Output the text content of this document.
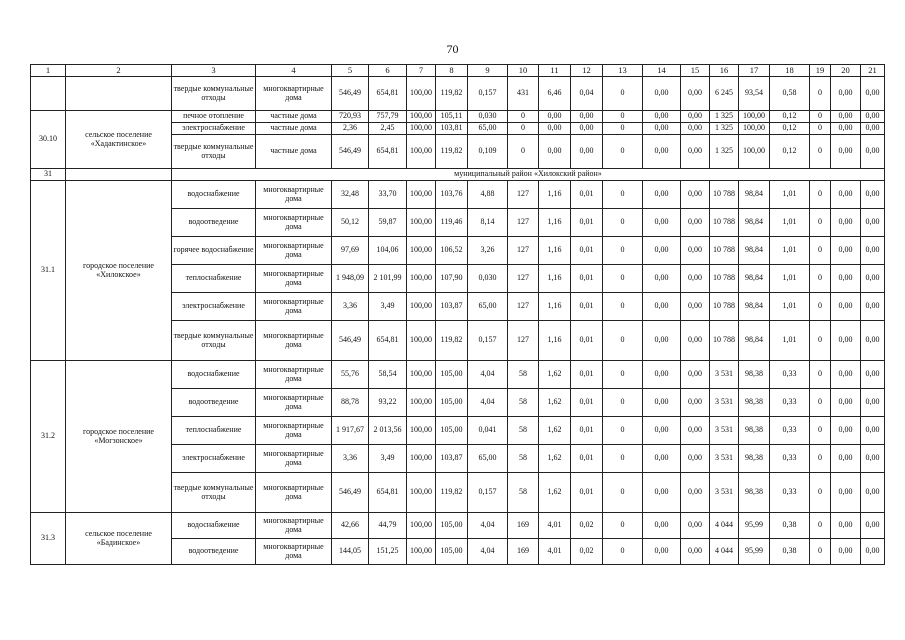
70
1	2	3	4	5	6	7	8	9	10	11	12	13	14	15	16	17	18	19	20	21
		твердые коммунальные отходы	многоквартирные дома	546,49	654,81	100,00	119,82	0,157	431	6,46	0,04	0	0,00	0,00	6 245	93,54	0,58	0	0,00	0,00
30.10	сельское поселение «Хадактинское»	печное отопление	частные дома	720,93	757,79	100,00	105,11	0,030	0	0,00	0,00	0	0,00	0,00	1 325	100,00	0,12	0	0,00	0,00
		электроснабжение	частные дома	2,36	2,45	100,00	103,81	65,00	0	0,00	0,00	0	0,00	0,00	1 325	100,00	0,12	0	0,00	0,00
		твердые коммунальные отходы	частные дома	546,49	654,81	100,00	119,82	0,109	0	0,00	0,00	0	0,00	0,00	1 325	100,00	0,12	0	0,00	0,00
31		муниципальный район «Хилокский район»																		
31.1	городское поселение «Хилокское»	водоснабжение	многоквартирные дома	32,48	33,70	100,00	103,76	4,88	127	1,16	0,01	0	0,00	0,00	10 788	98,84	1,01	0	0,00	0,00
		водоотведение	многоквартирные дома	50,12	59,87	100,00	119,46	8,14	127	1,16	0,01	0	0,00	0,00	10 788	98,84	1,01	0	0,00	0,00
		горячее водоснабжение	многоквартирные дома	97,69	104,06	100,00	106,52	3,26	127	1,16	0,01	0	0,00	0,00	10 788	98,84	1,01	0	0,00	0,00
		теплоснабжение	многоквартирные дома	1 948,09	2 101,99	100,00	107,90	0,030	127	1,16	0,01	0	0,00	0,00	10 788	98,84	1,01	0	0,00	0,00
		электроснабжение	многоквартирные дома	3,36	3,49	100,00	103,87	65,00	127	1,16	0,01	0	0,00	0,00	10 788	98,84	1,01	0	0,00	0,00
		твердые коммунальные отходы	многоквартирные дома	546,49	654,81	100,00	119,82	0,157	127	1,16	0,01	0	0,00	0,00	10 788	98,84	1,01	0	0,00	0,00
31.2	городское поселение «Могзонское»	водоснабжение	многоквартирные дома	55,76	58,54	100,00	105,00	4,04	58	1,62	0,01	0	0,00	0,00	3 531	98,38	0,33	0	0,00	0,00
		водоотведение	многоквартирные дома	88,78	93,22	100,00	105,00	4,04	58	1,62	0,01	0	0,00	0,00	3 531	98,38	0,33	0	0,00	0,00
		теплоснабжение	многоквартирные дома	1 917,67	2 013,56	100,00	105,00	0,041	58	1,62	0,01	0	0,00	0,00	3 531	98,38	0,33	0	0,00	0,00
		электроснабжение	многоквартирные дома	3,36	3,49	100,00	103,87	65,00	58	1,62	0,01	0	0,00	0,00	3 531	98,38	0,33	0	0,00	0,00
		твердые коммунальные отходы	многоквартирные дома	546,49	654,81	100,00	119,82	0,157	58	1,62	0,01	0	0,00	0,00	3 531	98,38	0,33	0	0,00	0,00
31.3	сельское поселение «Бадинское»	водоснабжение	многоквартирные дома	42,66	44,79	100,00	105,00	4,04	169	4,01	0,02	0	0,00	0,00	4 044	95,99	0,38	0	0,00	0,00
		водоотведение	многоквартирные дома	144,05	151,25	100,00	105,00	4,04	169	4,01	0,02	0	0,00	0,00	4 044	95,99	0,38	0	0,00	0,00
